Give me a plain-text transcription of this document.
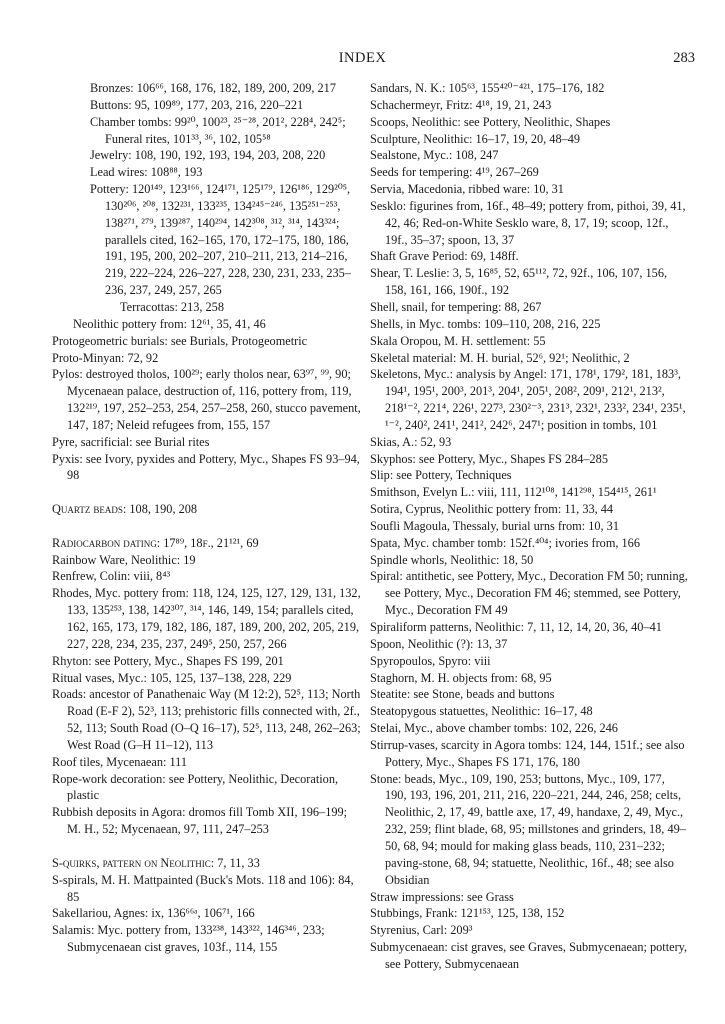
INDEX	283

Bronzes: 106⁶⁶, 168, 176, 182, 189, 200, 209, 217

Buttons: 95, 109⁸⁹, 177, 203, 216, 220–221

Chamber tombs: 99²⁰, 100²³, ²⁵⁻²⁸, 201², 228⁴, 242⁵; Funeral rites, 101³³, ³⁶, 102, 105⁵⁸

Jewelry: 108, 190, 192, 193, 194, 203, 208, 220

Lead wires: 108⁸⁸, 193

Pottery: 120¹⁴⁹, 123¹⁶⁶, 124¹⁷¹, 125¹⁷⁹, 126¹⁸⁶, 129²⁰⁵, 130²⁰⁶, ²⁰⁸, 132²³¹, 133²³⁵, 134²⁴⁵⁻²⁴⁶, 135²⁵¹⁻²⁵³, 138²⁷¹, ²⁷⁹, 139²⁸⁷, 140²⁹⁴, 142³⁰⁸, ³¹², ³¹⁴, 143³²⁴; parallels cited, 162–165, 170, 172–175, 180, 186, 191, 195, 200, 202–207, 210–211, 213, 214–216, 219, 222–224, 226–227, 228, 230, 231, 233, 235–236, 237, 249, 257, 265

Terracottas: 213, 258

Neolithic pottery from: 12⁶¹, 35, 41, 46

Protogeometric burials: see Burials, Protogeometric

Proto-Minyan: 72, 92

Pylos: destroyed tholos, 100²⁹; early tholos near, 63⁹⁷, ⁹⁹, 90; Mycenaean palace, destruction of, 116, pottery from, 119, 132²¹⁹, 197, 252–253, 254, 257–258, 260, stucco pavement, 147, 187; Neleid refugees from, 155, 157

Pyre, sacrificial: see Burial rites

Pyxis: see Ivory, pyxides and Pottery, Myc., Shapes FS 93–94, 98

Quartz beads: 108, 190, 208

Radiocarbon dating: 17⁸⁹, 18f., 21¹²¹, 69

Rainbow Ware, Neolithic: 19

Renfrew, Colin: viii, 8⁴³

Rhodes, Myc. pottery from: 118, 124, 125, 127, 129, 131, 132, 133, 135²⁵³, 138, 142³⁰⁷, ³¹⁴, 146, 149, 154; parallels cited, 162, 165, 173, 179, 182, 186, 187, 189, 200, 202, 205, 219, 227, 228, 234, 235, 237, 249⁵, 250, 257, 266

Rhyton: see Pottery, Myc., Shapes FS 199, 201

Ritual vases, Myc.: 105, 125, 137–138, 228, 229

Roads: ancestor of Panathenaic Way (M 12:2), 52⁵, 113; North Road (E-F 2), 52³, 113; prehistoric fills connected with, 2f., 52, 113; South Road (O–Q 16–17), 52⁵, 113, 248, 262–263; West Road (G–H 11–12), 113

Roof tiles, Mycenaean: 111

Rope-work decoration: see Pottery, Neolithic, Decoration, plastic

Rubbish deposits in Agora: dromos fill Tomb XII, 196–199; M. H., 52; Mycenaean, 97, 111, 247–253

S-quirks, pattern on Neolithic: 7, 11, 33

S-spirals, M. H. Mattpainted (Buck's Mots. 118 and 106): 84, 85

Sakellariou, Agnes: ix, 136⁶⁶ᵃ, 106⁷¹, 166

Salamis: Myc. pottery from, 133²³⁸, 143³²², 146³⁴⁶, 233; Submycenaean cist graves, 103f., 114, 155

Sandars, N. K.: 105⁶³, 155⁴²⁰⁻⁴²¹, 175–176, 182

Schachermeyr, Fritz: 4¹⁸, 19, 21, 243

Scoops, Neolithic: see Pottery, Neolithic, Shapes

Sculpture, Neolithic: 16–17, 19, 20, 48–49

Sealstone, Myc.: 108, 247

Seeds for tempering: 4¹⁹, 267–269

Servia, Macedonia, ribbed ware: 10, 31

Sesklo: figurines from, 16f., 48–49; pottery from, pithoi, 39, 41, 42, 46; Red-on-White Sesklo ware, 8, 17, 19; scoop, 12f., 19f., 35–37; spoon, 13, 37

Shaft Grave Period: 69, 148ff.

Shear, T. Leslie: 3, 5, 16⁸⁵, 52, 65¹¹², 72, 92f., 106, 107, 156, 158, 161, 166, 190f., 192

Shell, snail, for tempering: 88, 267

Shells, in Myc. tombs: 109–110, 208, 216, 225

Skala Oropou, M. H. settlement: 55

Skeletal material: M. H. burial, 52⁶, 92¹; Neolithic, 2

Skeletons, Myc.: analysis by Angel: 171, 178¹, 179², 181, 183³, 194¹, 195¹, 200³, 201³, 204¹, 205¹, 208², 209¹, 212¹, 213², 218¹⁻², 221⁴, 226¹, 227³, 230²⁻³, 231³, 232¹, 233², 234¹, 235¹, ¹⁻², 240², 241¹, 241², 242⁶, 247¹; position in tombs, 101

Skias, A.: 52, 93

Skyphos: see Pottery, Myc., Shapes FS 284–285

Slip: see Pottery, Techniques

Smithson, Evelyn L.: viii, 111, 112¹⁰⁸, 141²⁹⁸, 154⁴¹⁵, 261¹

Sotira, Cyprus, Neolithic pottery from: 11, 33, 44

Soufli Magoula, Thessaly, burial urns from: 10, 31

Spata, Myc. chamber tomb: 152f.⁴⁰⁴; ivories from, 166

Spindle whorls, Neolithic: 18, 50

Spiral: antithetic, see Pottery, Myc., Decoration FM 50; running, see Pottery, Myc., Decoration FM 46; stemmed, see Pottery, Myc., Decoration FM 49

Spiraliform patterns, Neolithic: 7, 11, 12, 14, 20, 36, 40–41

Spoon, Neolithic (?): 13, 37

Spyropoulos, Spyro: viii

Staghorn, M. H. objects from: 68, 95

Steatite: see Stone, beads and buttons

Steatopygous statuettes, Neolithic: 16–17, 48

Stelai, Myc., above chamber tombs: 102, 226, 246

Stirrup-vases, scarcity in Agora tombs: 124, 144, 151f.; see also Pottery, Myc., Shapes FS 171, 176, 180

Stone: beads, Myc., 109, 190, 253; buttons, Myc., 109, 177, 190, 193, 196, 201, 211, 216, 220–221, 244, 246, 258; celts, Neolithic, 2, 17, 49, battle axe, 17, 49, handaxe, 2, 49, Myc., 232, 259; flint blade, 68, 95; millstones and grinders, 18, 49–50, 68, 94; mould for making glass beads, 110, 231–232; paving-stone, 68, 94; statuette, Neolithic, 16f., 48; see also Obsidian

Straw impressions: see Grass

Stubbings, Frank: 121¹⁵³, 125, 138, 152

Styrenius, Carl: 209³

Submycenaean: cist graves, see Graves, Submycenaean; pottery, see Pottery, Submycenaean
